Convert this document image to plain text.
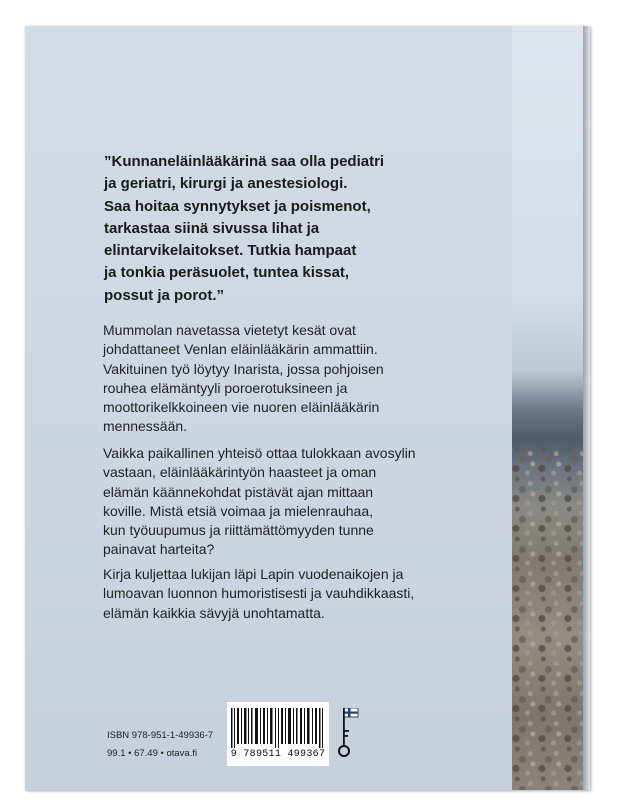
”Kunnaneläinlääkärinä saa olla pediatri
ja geriatri, kirurgi ja anestesiologi.
Saa hoitaa synnytykset ja poismenot,
tarkastaa siinä sivussa lihat ja
elintarvikelaitokset. Tutkia hampaat
ja tonkia peräsuolet, tuntea kissat,
possut ja porot.”
Mummolan navetassa vietetyt kesät ovat
johdattaneet Venlan eläinlääkärin ammattiin.
Vakituinen työ löytyy Inarista, jossa pohjoisen
rouhea elämäntyyli poroerotuksineen ja
moottorikelkkoineen vie nuoren eläinlääkärin
mennessään.
Vaikka paikallinen yhteisö ottaa tulokkaan avosylin
vastaan, eläinlääkärintyön haasteet ja oman
elämän käännekohdat pistävät ajan mittaan
koville. Mistä etsiä voimaa ja mielenrauhaa,
kun työuupumus ja riittämättömyyden tunne
painavat harteita?
Kirja kuljettaa lukijan läpi Lapin vuodenaikojen ja
lumoavan luonnon humoristisesti ja vauhdikkaasti,
elämän kaikkia sävyjä unohtamatta.
ISBN 978-951-1-49936-7
99.1 • 67.49 • otava.fi	9 789511 499367
